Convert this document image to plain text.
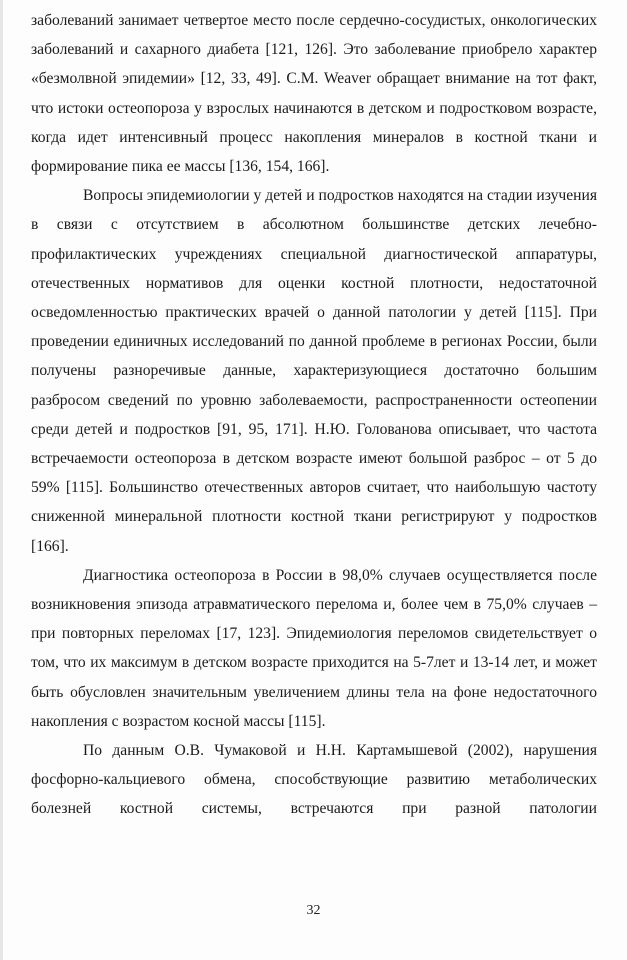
заболеваний занимает четвертое место после сердечно-сосудистых, онкологических заболеваний и сахарного диабета [121, 126]. Это заболевание приобрело характер «безмолвной эпидемии» [12, 33, 49]. C.M. Weaver обращает внимание на тот факт, что истоки остеопороза у взрослых начинаются в детском и подростковом возрасте, когда идет интенсивный процесс накопления минералов в костной ткани и формирование пика ее массы [136, 154, 166].

Вопросы эпидемиологии у детей и подростков находятся на стадии изучения в связи с отсутствием в абсолютном большинстве детских лечебно-профилактических учреждениях специальной диагностической аппаратуры, отечественных нормативов для оценки костной плотности, недостаточной осведомленностью практических врачей о данной патологии у детей [115]. При проведении единичных исследований по данной проблеме в регионах России, были получены разноречивые данные, характеризующиеся достаточно большим разбросом сведений по уровню заболеваемости, распространенности остеопении среди детей и подростков [91, 95, 171]. Н.Ю. Голованова описывает, что частота встречаемости остеопороза в детском возрасте имеют большой разброс – от 5 до 59% [115]. Большинство отечественных авторов считает, что наибольшую частоту сниженной минеральной плотности костной ткани регистрируют у подростков [166].

Диагностика остеопороза в России в 98,0% случаев осуществляется после возникновения эпизода атравматического перелома и, более чем в 75,0% случаев – при повторных переломах [17, 123]. Эпидемиология переломов свидетельствует о том, что их максимум в детском возрасте приходится на 5-7лет и 13-14 лет, и может быть обусловлен значительным увеличением длины тела на фоне недостаточного накопления с возрастом косной массы [115].

По данным О.В. Чумаковой и Н.Н. Картамышевой (2002), нарушения фосфорно-кальциевого обмена, способствующие развитию метаболических болезней костной системы, встречаются при разной патологии

32
